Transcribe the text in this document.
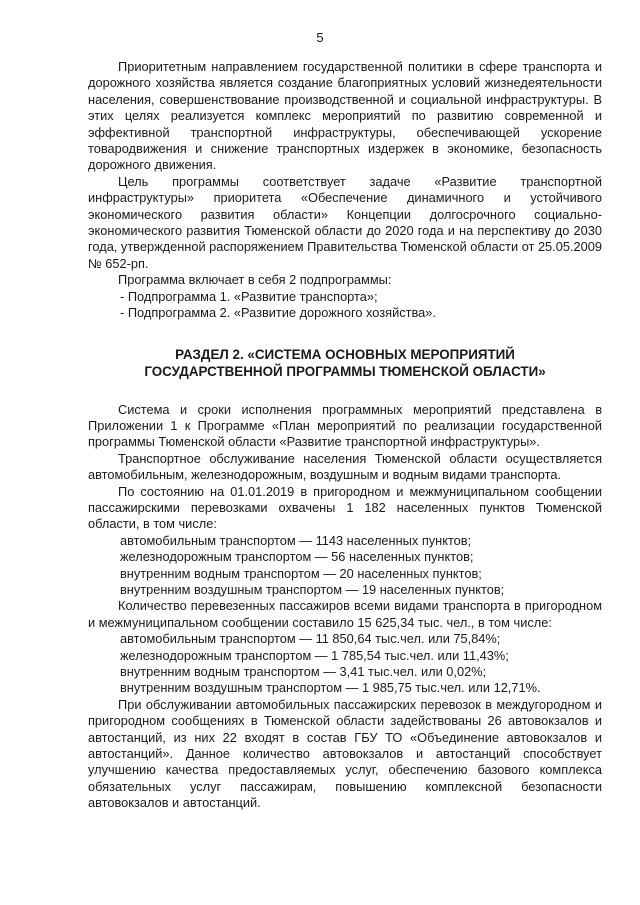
5

Приоритетным направлением государственной политики в сфере транспорта и дорожного хозяйства является создание благоприятных условий жизнедеятельности населения, совершенствование производственной и социальной инфраструктуры. В этих целях реализуется комплекс мероприятий по развитию современной и эффективной транспортной инфраструктуры, обеспечивающей ускорение товародвижения и снижение транспортных издержек в экономике, безопасность дорожного движения.

Цель программы соответствует задаче «Развитие транспортной инфраструктуры» приоритета «Обеспечение динамичного и устойчивого экономического развития области» Концепции долгосрочного социально-экономического развития Тюменской области до 2020 года и на перспективу до 2030 года, утвержденной распоряжением Правительства Тюменской области от 25.05.2009 № 652-рп.

Программа включает в себя 2 подпрограммы:

- Подпрограмма 1. «Развитие транспорта»;
- Подпрограмма 2. «Развитие дорожного хозяйства».
РАЗДЕЛ 2. «СИСТЕМА ОСНОВНЫХ МЕРОПРИЯТИЙ
ГОСУДАРСТВЕННОЙ ПРОГРАММЫ ТЮМЕНСКОЙ ОБЛАСТИ»

Система и сроки исполнения программных мероприятий представлена в Приложении 1 к Программе «План мероприятий по реализации государственной программы Тюменской области «Развитие транспортной инфраструктуры».

Транспортное обслуживание населения Тюменской области осуществляется автомобильным, железнодорожным, воздушным и водным видами транспорта.

По состоянию на 01.01.2019 в пригородном и межмуниципальном сообщении пассажирскими перевозками охвачены 1 182 населенных пунктов Тюменской области, в том числе:

автомобильным транспортом — 1143 населенных пунктов;
железнодорожным транспортом — 56 населенных пунктов;
внутренним водным транспортом — 20 населенных пунктов;
внутренним воздушным транспортом — 19 населенных пунктов;

Количество перевезенных пассажиров всеми видами транспорта в пригородном и межмуниципальном сообщении составило 15 625,34 тыс. чел., в том числе:

автомобильным транспортом — 11 850,64 тыс.чел. или 75,84%;
железнодорожным транспортом — 1 785,54 тыс.чел. или 11,43%;
внутренним водным транспортом — 3,41 тыс.чел. или 0,02%;
внутренним воздушным транспортом — 1 985,75 тыс.чел. или 12,71%.

При обслуживании автомобильных пассажирских перевозок в междугородном и пригородном сообщениях в Тюменской области задействованы 26 автовокзалов и автостанций, из них 22 входят в состав ГБУ ТО «Объединение автовокзалов и автостанций». Данное количество автовокзалов и автостанций способствует улучшению качества предоставляемых услуг, обеспечению базового комплекса обязательных услуг пассажирам, повышению комплексной безопасности автовокзалов и автостанций.
